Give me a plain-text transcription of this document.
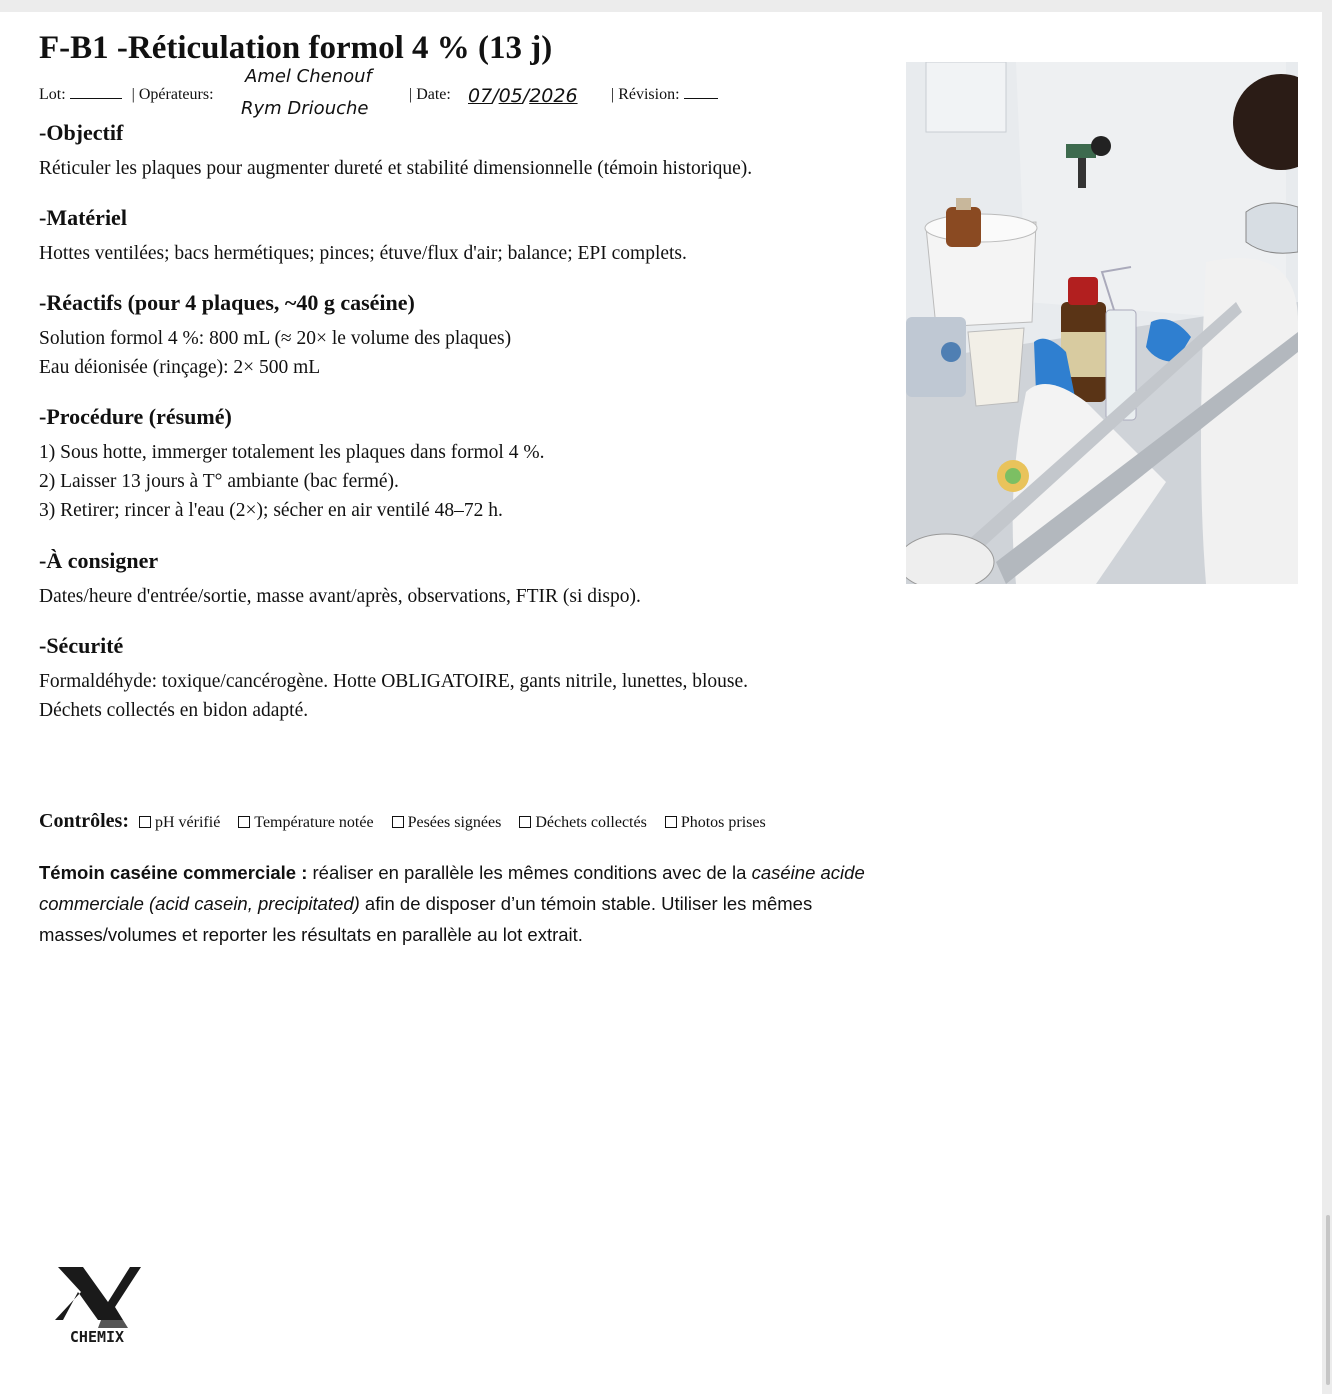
F-B1 -Réticulation formol 4 % (13 j)
Lot:	| Opérateurs:
Amel Chenouf
Rym Driouche
| Date: 07/05/2026 | Révision:
-Objectif

Réticuler les plaques pour augmenter dureté et stabilité dimensionnelle (témoin historique).

-Matériel

Hottes ventilées; bacs hermétiques; pinces; étuve/flux d'air; balance; EPI complets.

-Réactifs (pour 4 plaques, ~40 g caséine)

Solution formol 4 %: 800 mL (≈ 20× le volume des plaques)

Eau déionisée (rinçage): 2× 500 mL

-Procédure (résumé)

1) Sous hotte, immerger totalement les plaques dans formol 4 %.

2) Laisser 13 jours à T° ambiante (bac fermé).

3) Retirer; rincer à l'eau (2×); sécher en air ventilé 48–72 h.

-À consigner

Dates/heure d'entrée/sortie, masse avant/après, observations, FTIR (si dispo).

-Sécurité

Formaldéhyde: toxique/cancérogène. Hotte OBLIGATOIRE, gants nitrile, lunettes, blouse.

Déchets collectés en bidon adapté.

Contrôles: pH vérifié Température notée Pesées signées Déchets collectés Photos prises
Témoin caséine commerciale : réaliser en parallèle les mêmes conditions avec de la caséine acide commerciale (acid casein, precipitated) afin de disposer d’un témoin stable. Utiliser les mêmes masses/volumes et reporter les résultats en parallèle au lot extrait.
CHEMIX
